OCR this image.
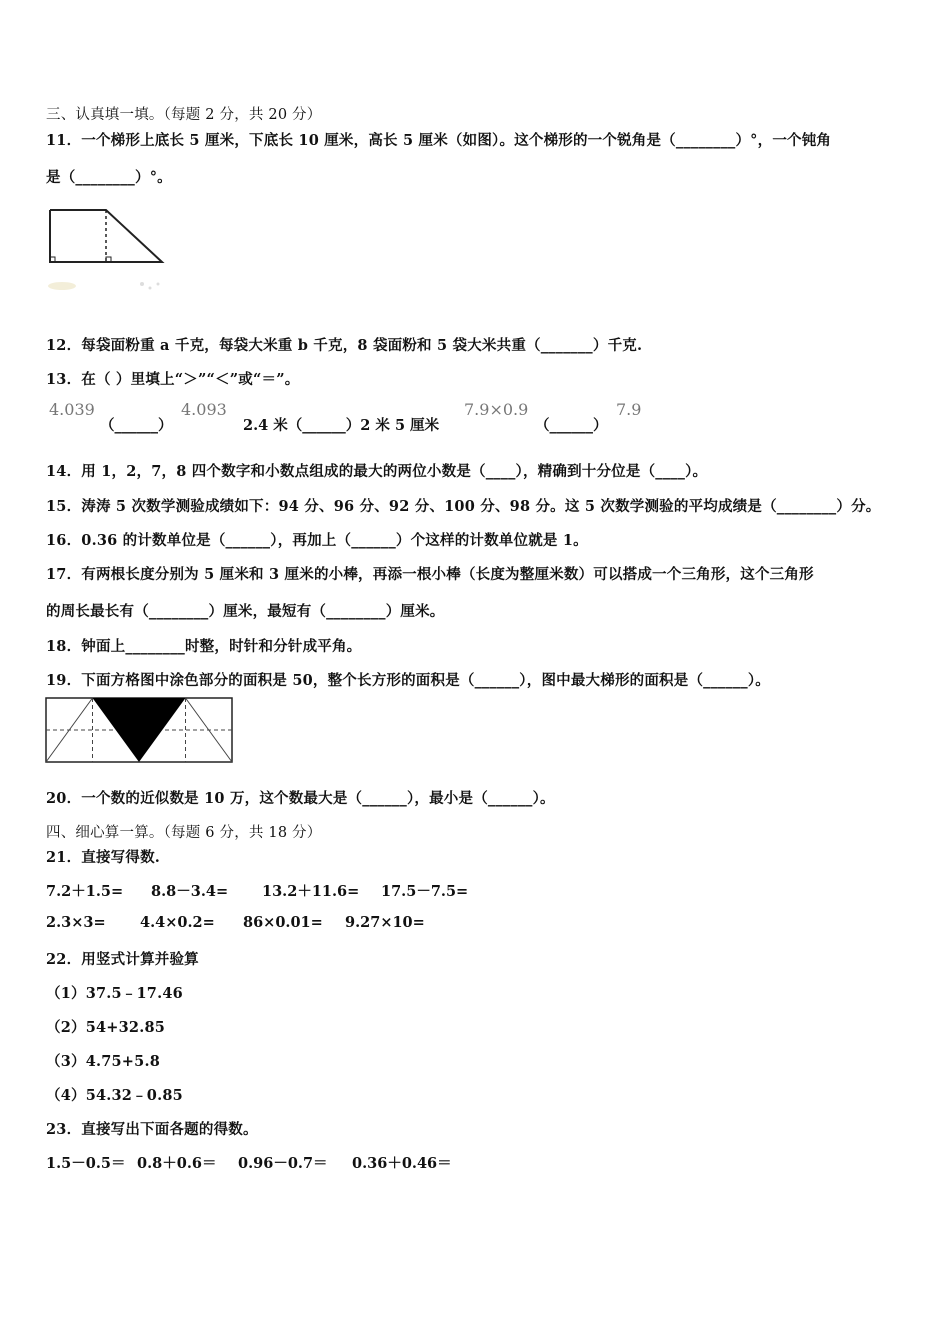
三、认真填一填。（每题 2 分，共 20 分）
11．一个梯形上底长 5 厘米，下底长 10 厘米，高长 5 厘米（如图）。这个梯形的一个锐角是（________）°，一个钝角
是（________）°。
12．每袋面粉重 a 千克，每袋大米重 b 千克，8 袋面粉和 5 袋大米共重（_______）千克.
13．在（ ）里填上“＞”“＜”或“＝”。
4.039
（______）
4.093
2.4 米（______）2 米 5 厘米
7.9×0.9
（______）
7.9
14．用 1，2，7，8 四个数字和小数点组成的最大的两位小数是（____），精确到十分位是（____）。
15．涛涛 5 次数学测验成绩如下：94 分、96 分、92 分、100 分、98 分。这 5 次数学测验的平均成绩是（________）分。
16．0.36 的计数单位是（______），再加上（______）个这样的计数单位就是 1。
17．有两根长度分别为 5 厘米和 3 厘米的小棒，再添一根小棒（长度为整厘米数）可以搭成一个三角形，这个三角形
的周长最长有（________）厘米，最短有（________）厘米。
18．钟面上________时整，时针和分针成平角。
19．下面方格图中涂色部分的面积是 50，整个长方形的面积是（______），图中最大梯形的面积是（______）。
20．一个数的近似数是 10 万，这个数最大是（______），最小是（______）。
四、细心算一算。（每题 6 分，共 18 分）
21．直接写得数.
7.2＋1.5= 8.8－3.4= 13.2＋11.6= 17.5－7.5=
2.3×3= 4.4×0.2= 86×0.01= 9.27×10=
22．用竖式计算并验算
（1）37.5﹣17.46
（2）54+32.85
（3）4.75+5.8
（4）54.32﹣0.85
23．直接写出下面各题的得数。
1.5－0.5＝ 0.8＋0.6＝ 0.96－0.7＝ 0.36＋0.46＝
